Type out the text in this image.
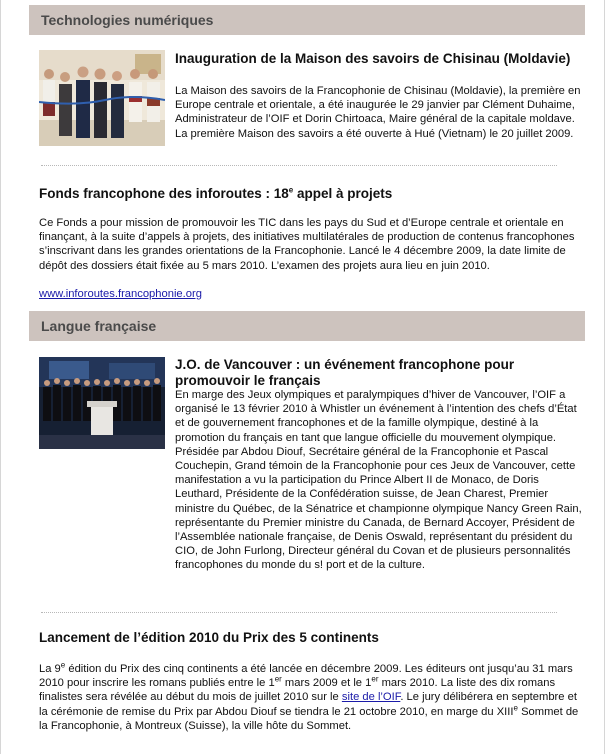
Technologies numériques
Inauguration de la Maison des savoirs de Chisinau (Moldavie)
La Maison des savoirs de la Francophonie de Chisinau (Moldavie), la première en Europe centrale et orientale, a été inaugurée le 29 janvier par Clément Duhaime, Administrateur de l’OIF et Dorin Chirtoaca, Maire général de la capitale moldave. La première Maison des savoirs a été ouverte à Hué (Vietnam) le 20 juillet 2009.
Fonds francophone des inforoutes : 18e appel à projets
Ce Fonds a pour mission de promouvoir les TIC dans les pays du Sud et d’Europe centrale et orientale en finançant, à la suite d’appels à projets, des initiatives multilatérales de production de contenus francophones s’inscrivant dans les grandes orientations de la Francophonie. Lancé le 4 décembre 2009, la date limite de dépôt des dossiers était fixée au 5 mars 2010. L’examen des projets aura lieu en juin 2010.
www.inforoutes.francophonie.org
Langue française
J.O. de Vancouver : un événement francophone pour promouvoir le français
En marge des Jeux olympiques et paralympiques d’hiver de Vancouver, l’OIF a organisé le 13 février 2010 à Whistler un événement à l’intention des chefs d’État et de gouvernement francophones et de la famille olympique, destiné à la promotion du français en tant que langue officielle du mouvement olympique. Présidée par Abdou Diouf, Secrétaire général de la Francophonie et Pascal Couchepin, Grand témoin de la Francophonie pour ces Jeux de Vancouver, cette manifestation a vu la participation du Prince Albert II de Monaco, de Doris Leuthard, Présidente de la Confédération suisse, de Jean Charest, Premier ministre du Québec, de la Sénatrice et championne olympique Nancy Green Rain, représentante du Premier ministre du Canada, de Bernard Accoyer, Président de l’Assemblée nationale française, de Denis Oswald, représentant du président du CIO, de John Furlong, Directeur général du Covan et de plusieurs personnalités francophones du monde du s! port et de la culture.
Lancement de l’édition 2010 du Prix des 5 continents
La 9e édition du Prix des cinq continents a été lancée en décembre 2009. Les éditeurs ont jusqu’au 31 mars 2010 pour inscrire les romans publiés entre le 1er mars 2009 et le 1er mars 2010. La liste des dix romans finalistes sera révélée au début du mois de juillet 2010 sur le site de l’OIF. Le jury délibérera en septembre et la cérémonie de remise du Prix par Abdou Diouf se tiendra le 21 octobre 2010, en marge du XIIIe Sommet de la Francophonie, à Montreux (Suisse), la ville hôte du Sommet.
